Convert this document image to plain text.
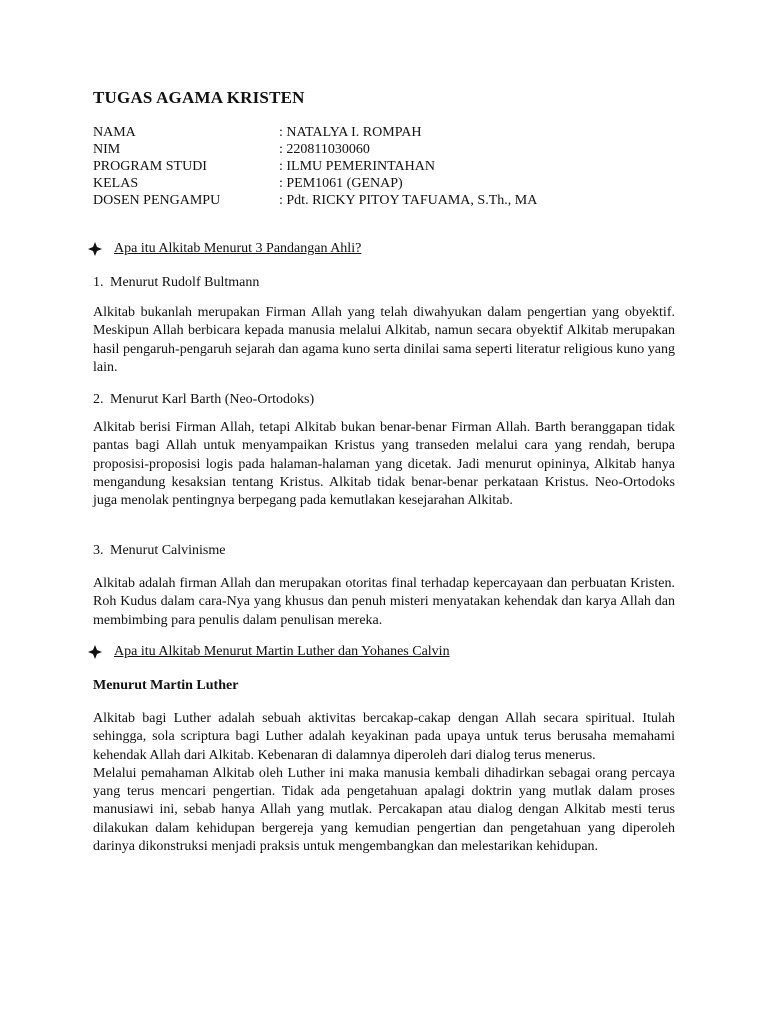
TUGAS AGAMA KRISTEN
NAMA	: NATALYA I. ROMPAH
NIM	: 220811030060
PROGRAM STUDI	: ILMU PEMERINTAHAN
KELAS	: PEM1061 (GENAP)
DOSEN PENGAMPU	: Pdt. RICKY PITOY TAFUAMA, S.Th., MA
Apa itu Alkitab Menurut 3 Pandangan Ahli?
1. Menurut Rudolf Bultmann

Alkitab bukanlah merupakan Firman Allah yang telah diwahyukan dalam pengertian yang obyektif. Meskipun Allah berbicara kepada manusia melalui Alkitab, namun secara obyektif Alkitab merupakan hasil pengaruh-pengaruh sejarah dan agama kuno serta dinilai sama seperti literatur religious kuno yang lain.

2. Menurut Karl Barth (Neo-Ortodoks)

Alkitab berisi Firman Allah, tetapi Alkitab bukan benar-benar Firman Allah. Barth beranggapan tidak pantas bagi Allah untuk menyampaikan Kristus yang transeden melalui cara yang rendah, berupa proposisi-proposisi logis pada halaman-halaman yang dicetak. Jadi menurut opininya, Alkitab hanya mengandung kesaksian tentang Kristus. Alkitab tidak benar-benar perkataan Kristus. Neo-Ortodoks juga menolak pentingnya berpegang pada kemutlakan kesejarahan Alkitab.

3. Menurut Calvinisme

Alkitab adalah firman Allah dan merupakan otoritas final terhadap kepercayaan dan perbuatan Kristen. Roh Kudus dalam cara-Nya yang khusus dan penuh misteri menyatakan kehendak dan karya Allah dan membimbing para penulis dalam penulisan mereka.

Apa itu Alkitab Menurut Martin Luther dan Yohanes Calvin
Menurut Martin Luther

Alkitab bagi Luther adalah sebuah aktivitas bercakap-cakap dengan Allah secara spiritual. Itulah sehingga, sola scriptura bagi Luther adalah keyakinan pada upaya untuk terus berusaha memahami kehendak Allah dari Alkitab. Kebenaran di dalamnya diperoleh dari dialog terus menerus.

Melalui pemahaman Alkitab oleh Luther ini maka manusia kembali dihadirkan sebagai orang percaya yang terus mencari pengertian. Tidak ada pengetahuan apalagi doktrin yang mutlak dalam proses manusiawi ini, sebab hanya Allah yang mutlak. Percakapan atau dialog dengan Alkitab mesti terus dilakukan dalam kehidupan bergereja yang kemudian pengertian dan pengetahuan yang diperoleh darinya dikonstruksi menjadi praksis untuk mengembangkan dan melestarikan kehidupan.
